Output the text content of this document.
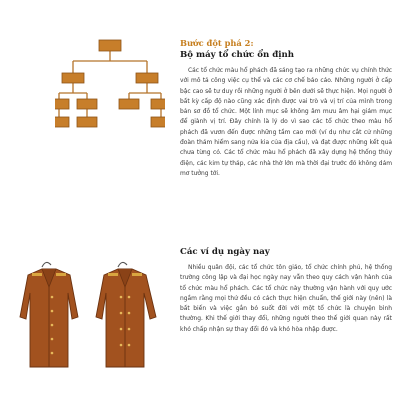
Bước đột phá 2:

Bộ máy tổ chức ổn định

Các tổ chức màu hổ phách đã sáng tạo ra những chức vụ chính thức với mô tả công việc cụ thể và các cơ chế báo cáo. Những người ở cấp bậc cao sẽ tư duy rồi những người ở bên dưới sẽ thực hiện. Mọi người ở bất kỳ cấp độ nào cũng xác định được vai trò và vị trí của mình trong bản sơ đồ tổ chức. Một lính mục sẽ không âm mưu âm hại giám mục để giành vị trí. Đây chính là lý do vì sao các tổ chức theo màu hổ phách đã vươn đến được những tầm cao mới (ví dụ như cắt cử những đoàn thám hiểm sang nửa kia của địa cầu), và đạt được những kết quả chưa từng có. Các tổ chức màu hổ phách đã xây dựng hệ thống thủy điện, các kim tự tháp, các nhà thờ lớn mà thời đại trước đó không dám mơ tưởng tới.

Các ví dụ ngày nay

Nhiều quân đội, các tổ chức tôn giáo, tổ chức chính phủ, hệ thống trường công lập và đại học ngày nay vẫn theo quy cách vận hành của tổ chức màu hổ phách. Các tổ chức này thường vận hành với quy ước ngầm rằng mọi thứ đều có cách thực hiện chuẩn, thế giới này (nên) là bất biến và việc gắn bó suốt đời với một tổ chức là chuyện bình thường. Khi thế giới thay đổi, những người theo thế giới quan này rất khó chấp nhận sự thay đổi đó và khó hòa nhập được.
